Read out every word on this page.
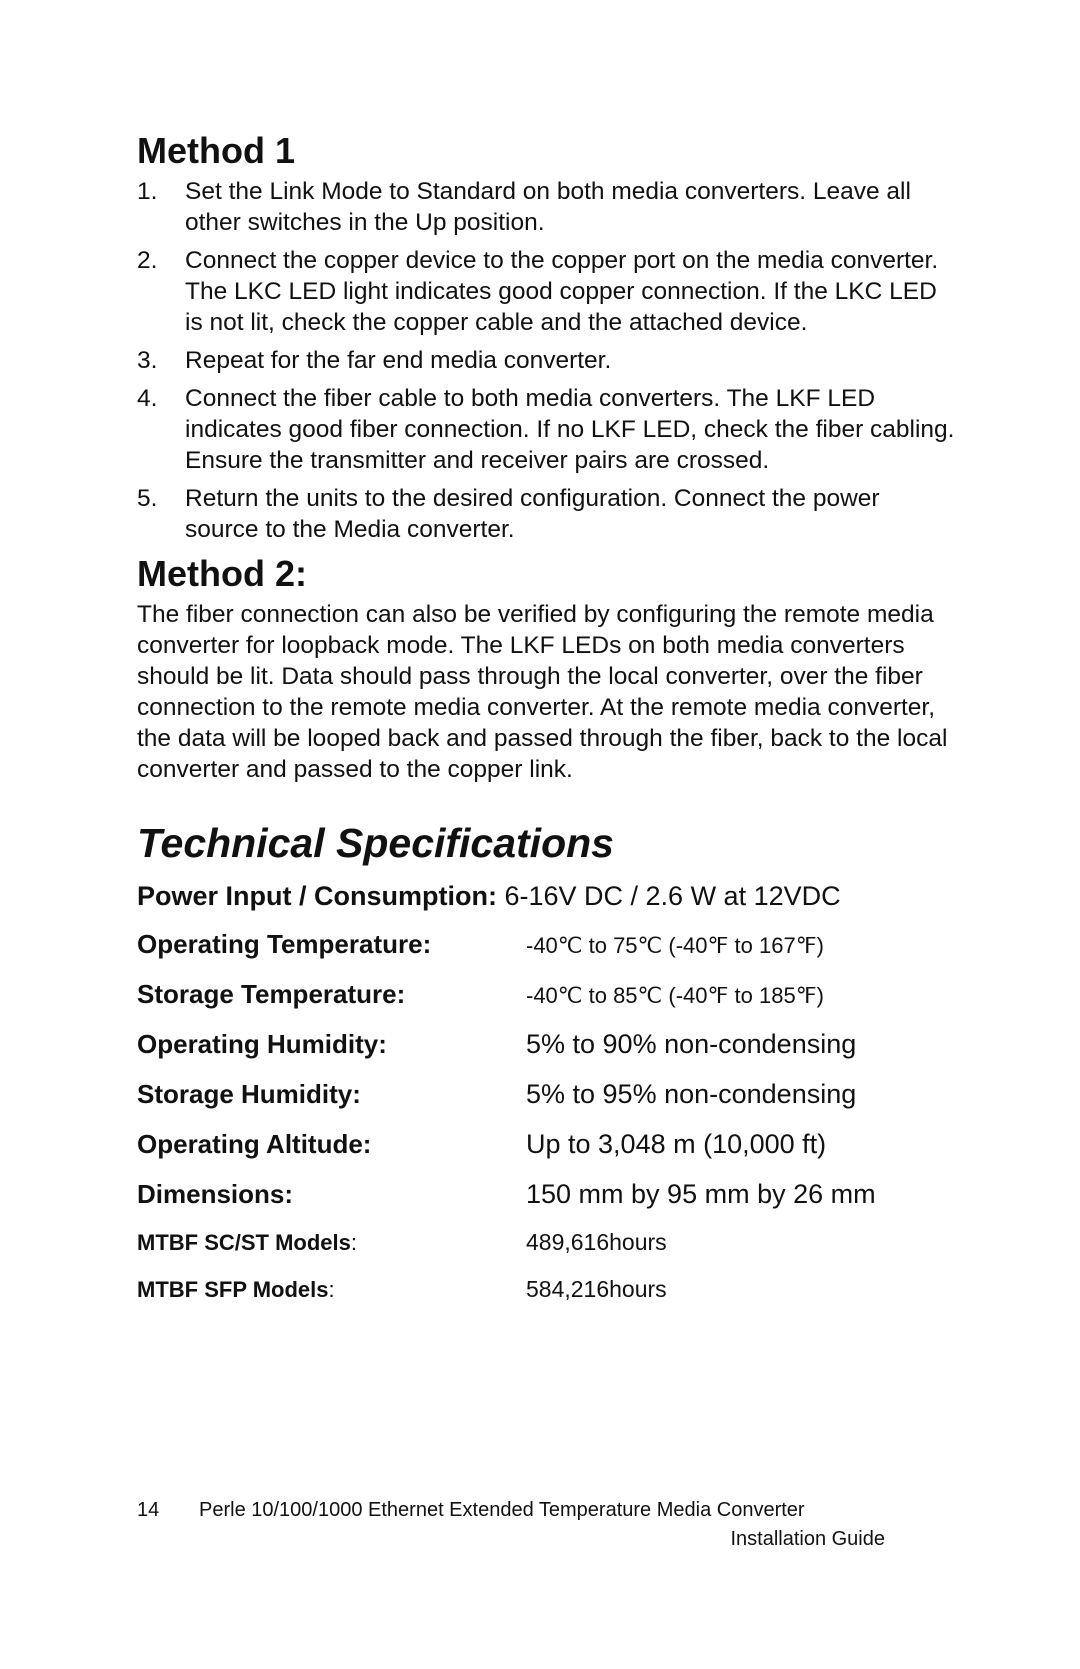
Method 1
1. Set the Link Mode to Standard on both media converters. Leave all other switches in the Up position.
2. Connect the copper device to the copper port on the media converter. The LKC LED light indicates good copper connection. If the LKC LED is not lit, check the copper cable and the attached device.
3. Repeat for the far end media converter.
4. Connect the fiber cable to both media converters. The LKF LED indicates good fiber connection. If no LKF LED, check the fiber cabling. Ensure the transmitter and receiver pairs are crossed.
5. Return the units to the desired configuration. Connect the power source to the Media converter.
Method 2:

The fiber connection can also be verified by configuring the remote media converter for loopback mode. The LKF LEDs on both media converters should be lit. Data should pass through the local converter, over the fiber connection to the remote media converter. At the remote media converter, the data will be looped back and passed through the fiber, back to the local converter and passed to the copper link.

Technical Specifications
Power Input / Consumption: 6-16V DC / 2.6 W at 12VDC
Operating Temperature:	-40℃ to 75℃ (-40℉ to 167℉)
Storage Temperature:	-40℃ to 85℃ (-40℉ to 185℉)
Operating Humidity:	5% to 90% non-condensing
Storage Humidity:	5% to 95% non-condensing
Operating Altitude:	Up to 3,048 m (10,000 ft)
Dimensions:	150 mm by 95 mm by 26 mm
MTBF SC/ST Models:	489,616hours
MTBF SFP Models:	584,216hours
14 Perle 10/100/1000 Ethernet Extended Temperature Media Converter
Installation Guide
